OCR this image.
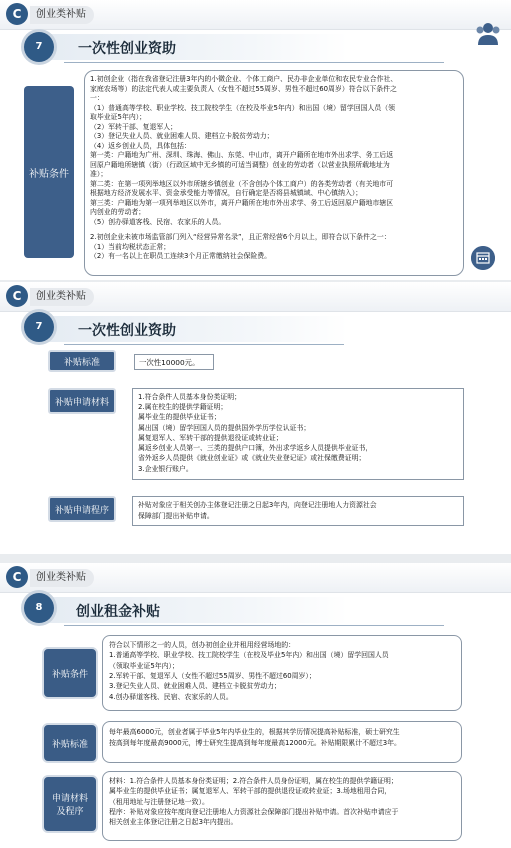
C	创业类补贴
7	一次性创业资助
补贴条件

1.初创企业（指在我省登记注册3年内的小微企业、个体工商户、民办非企业单位和农民专业合作社、

家庭农场等）的法定代表人或主要负责人（女性不超过55周岁、男性不超过60周岁）符合以下条件之

一：

（1）普通高等学校、职业学校、技工院校学生（在校及毕业5年内）和出国（境）留学回国人员（领

取毕业证5年内）；

（2）军转干部、复退军人；

（3）登记失业人员、就业困难人员、建档立卡脱贫劳动力；

（4）返乡创业人员，具体包括：

第一类：户籍地为广州、深圳、珠海、佛山、东莞、中山市，离开户籍所在地市外出求学、务工后返

回原户籍地所辖镇（街）（行政区域中无乡镇的可适当调整）创业的劳动者（以营业执照所载地址为

准）；

第二类：在第一项列举地区以外市所辖乡镇创业（不含创办个体工商户）的各类劳动者（有关地市可

根据地方经济发展水平、资金承受能力等情况，自行确定是否将县城镇域、中心镇纳入）；

第三类：户籍地为第一项列举地区以外市，离开户籍所在地市外出求学、务工后返回原户籍地市辖区

内创业的劳动者；

（5）创办驿道客栈、民宿、农家乐的人员。

2.初创企业未被市场监管部门列入“经营异常名录”，且正常经营6个月以上，即符合以下条件之一：

（1）当前均税状态正常；

（2）有一名以上在职员工连续3个月正常缴纳社会保险费。

C	创业类补贴
7	一次性创业资助
补贴标准	一次性10000元。
补贴申请材料

1.符合条件人员基本身份类证明；

2.属在校生的提供学籍证明；

属毕业生的提供毕业证书；

属出国（境）留学回国人员的提供国外学历学位认证书；

属复退军人、军转干部的提供退役证或转业证；

属返乡创业人员第一、三类的提供户口簿，外出求学返乡人员提供毕业证书，

省外返乡人员提供《就业创业证》或《就业失业登记证》或社保缴费证明；

3.企业银行账户。

补贴申请程序

补贴对象应于相关创办主体登记注册之日起3年内，向登记注册地人力资源社会

保障部门提出补贴申请。

C	创业类补贴
8	创业租金补贴
补贴条件

符合以下情形之一的人员，创办初创企业并租用经营场地的：

1.普通高等学校、职业学校、技工院校学生（在校及毕业5年内）和出国（境）留学回国人员

（领取毕业证5年内）；

2.军转干部、复退军人（女性不超过55周岁、男性不超过60周岁）；

3.登记失业人员、就业困难人员、建档立卡脱贫劳动力；

4.创办驿道客栈、民宿、农家乐的人员。

补贴标准

每年最高6000元，创业者属于毕业5年内毕业生的，根据其学历情况提高补贴标准，硕士研究生

按高到每年度最高9000元，博士研究生提高到每年度最高12000元。补贴期限累计不超过3年。

申请材料
及程序

材料：1.符合条件人员基本身份类证明；2.符合条件人员身份证明，属在校生的提供学籍证明；

属毕业生的提供毕业证书；属复退军人、军转干部的提供退役证或转业证；3.场地租用合同，

（租用地址与注册登记地一致）。

程序：补贴对象应按年度向登记注册地人力资源社会保障部门提出补贴申请。首次补贴申请应于

相关创业主体登记注册之日起3年内提出。
